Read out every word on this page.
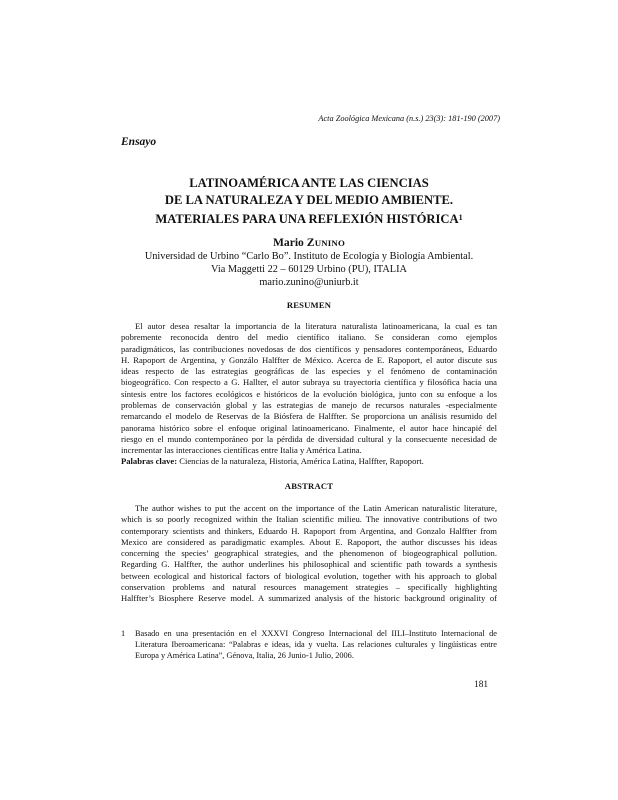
Acta Zoológica Mexicana (n.s.) 23(3): 181-190 (2007)
Ensayo
LATINOAMÉRICA ANTE LAS CIENCIAS
DE LA NATURALEZA Y DEL MEDIO AMBIENTE.
MATERIALES PARA UNA REFLEXIÓN HISTÓRICA$^1$
Mario ZUNINO
Universidad de Urbino “Carlo Bo”. Instituto de Ecología y Biología Ambiental.
Via Maggetti 22 – 60129 Urbino (PU), ITALIA
mario.zunino@uniurb.it
RESUMEN
El autor desea resaltar la importancia de la literatura naturalista latinoamericana, la cual es tan
pobremente reconocida dentro del medio científico italiano. Se consideran como ejemplos
paradigmáticos, las contribuciones novedosas de dos científicos y pensadores contemporáneos, Eduardo
H. Rapoport de Argentina, y Gonzálo Halffter de México. Acerca de E. Rapoport, el autor discute sus
ideas respecto de las estrategias geográficas de las especies y el fenómeno de contaminación
biogeográfico. Con respecto a G. Hallter, el autor subraya su trayectoria científica y filosófica hacia una
síntesis entre los factores ecológicos e históricos de la evolución biológica, junto con su enfoque a los
problemas de conservación global y las estrategias de manejo de recursos naturales -especialmente
remarcando el modelo de Reservas de la Biósfera de Halffter. Se proporciona un análisis resumido del
panorama histórico sobre el enfoque original latinoamericano. Finalmente, el autor hace hincapié del
riesgo en el mundo contemporáneo por la pérdida de diversidad cultural y la consecuente necesidad de
incrementar las interacciones científicas entre Italia y América Latina.
Palabras clave: Ciencias de la naturaleza, Historia, América Latina, Halffter, Rapoport.
ABSTRACT
The author wishes to put the accent on the importance of the Latin American naturalistic literature,
which is so poorly recognized within the Italian scientific milieu. The innovative contributions of two
contemporary scientists and thinkers, Eduardo H. Rapoport from Argentina, and Gonzalo Halffter from
Mexico are considered as paradigmatic examples. About E. Rapoport, the author discusses his ideas
concerning the species’ geographical strategies, and the phenomenon of biogeographical pollution.
Regarding G. Halffter, the author underlines his philosophical and scientific path towards a synthesis
between ecological and historical factors of biological evolution, together with his approach to global
conservation problems and natural resources management strategies – specifically highlighting
Halffter’s Biosphere Reserve model. A summarized analysis of the historic background originality of
1 Basado en una presentación en el XXXVI Congreso Internacional del IILI–Instituto Internacional de
Literatura Iberoamericana: “Palabras e ideas, ida y vuelta. Las relaciones culturales y lingüísticas entre
Europa y América Latina”, Génova, Italia, 26 Junio-1 Julio, 2006.
181
